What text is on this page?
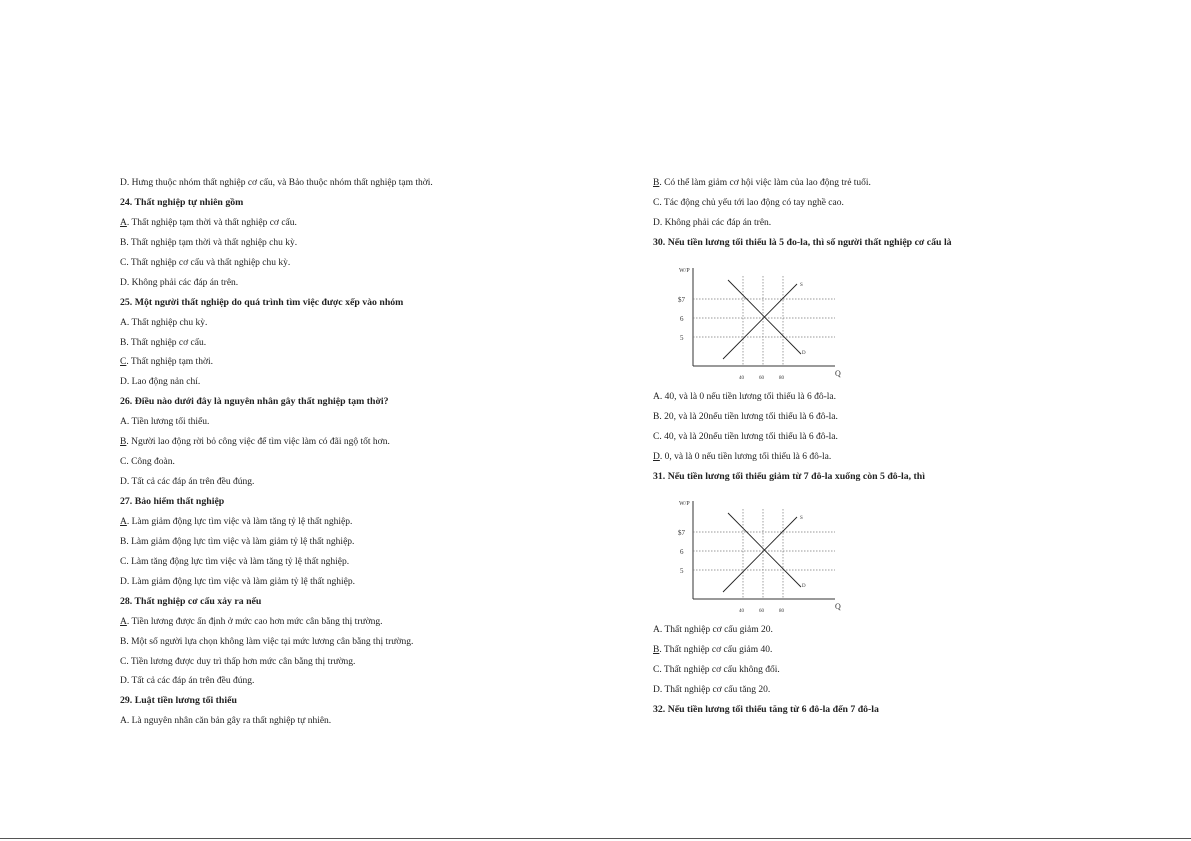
D. Hưng thuộc nhóm thất nghiệp cơ cấu, và Bảo thuộc nhóm thất nghiệp tạm thời.
24. Thất nghiệp tự nhiên gồm
A. Thất nghiệp tạm thời và thất nghiệp cơ cấu.
B. Thất nghiệp tạm thời và thất nghiệp chu kỳ.
C. Thất nghiệp cơ cấu và thất nghiệp chu kỳ.
D. Không phải các đáp án trên.
25. Một người thất nghiệp do quá trình tìm việc được xếp vào nhóm
A. Thất nghiệp chu kỳ.
B. Thất nghiệp cơ cấu.
C. Thất nghiệp tạm thời.
D. Lao động nản chí.
26. Điều nào dưới đây là nguyên nhân gây thất nghiệp tạm thời?
A. Tiền lương tối thiểu.
B. Người lao động rời bỏ công việc để tìm việc làm có đãi ngộ tốt hơn.
C. Công đoàn.
D. Tất cả các đáp án trên đều đúng.
27. Bảo hiểm thất nghiệp
A. Làm giảm động lực tìm việc và làm tăng tỷ lệ thất nghiệp.
B. Làm giảm động lực tìm việc và làm giảm tỷ lệ thất nghiệp.
C. Làm tăng động lực tìm việc và làm tăng tỷ lệ thất nghiệp.
D. Làm giảm động lực tìm việc và làm giảm tỷ lệ thất nghiệp.
28. Thất nghiệp cơ cấu xảy ra nếu
A. Tiền lương được ấn định ở mức cao hơn mức cân bằng thị trường.
B. Một số người lựa chọn không làm việc tại mức lương cân bằng thị trường.
C. Tiền lương được duy trì thấp hơn mức cân bằng thị trường.
D. Tất cả các đáp án trên đều đúng.
29. Luật tiền lương tối thiểu
A. Là nguyên nhân căn bản gây ra thất nghiệp tự nhiên.
B. Có thể làm giảm cơ hội việc làm của lao động trẻ tuổi.
C. Tác động chủ yếu tới lao động có tay nghề cao.
D. Không phải các đáp án trên.
30. Nếu tiền lương tối thiểu là 5 đo-la, thì số người thất nghiệp cơ cấu là
W/P
Q
S
D
$7
6
5
40	60	80
A. 40, và là 0 nếu tiền lương tối thiểu là 6 đô-la.
B. 20, và là 20nếu tiền lương tối thiểu là 6 đô-la.
C. 40, và là 20nếu tiền lương tối thiểu là 6 đô-la.
D. 0, và là 0 nếu tiền lương tối thiểu là 6 đô-la.
31. Nếu tiền lương tối thiểu giảm từ 7 đô-la xuống còn 5 đô-la, thì
W/P
Q
S
D
$7
6
5
40	60	80
A. Thất nghiệp cơ cấu giảm 20.
B. Thất nghiệp cơ cấu giảm 40.
C. Thất nghiệp cơ cấu không đổi.
D. Thất nghiệp cơ cấu tăng 20.
32. Nếu tiền lương tối thiểu tăng từ 6 đô-la đến 7 đô-la
